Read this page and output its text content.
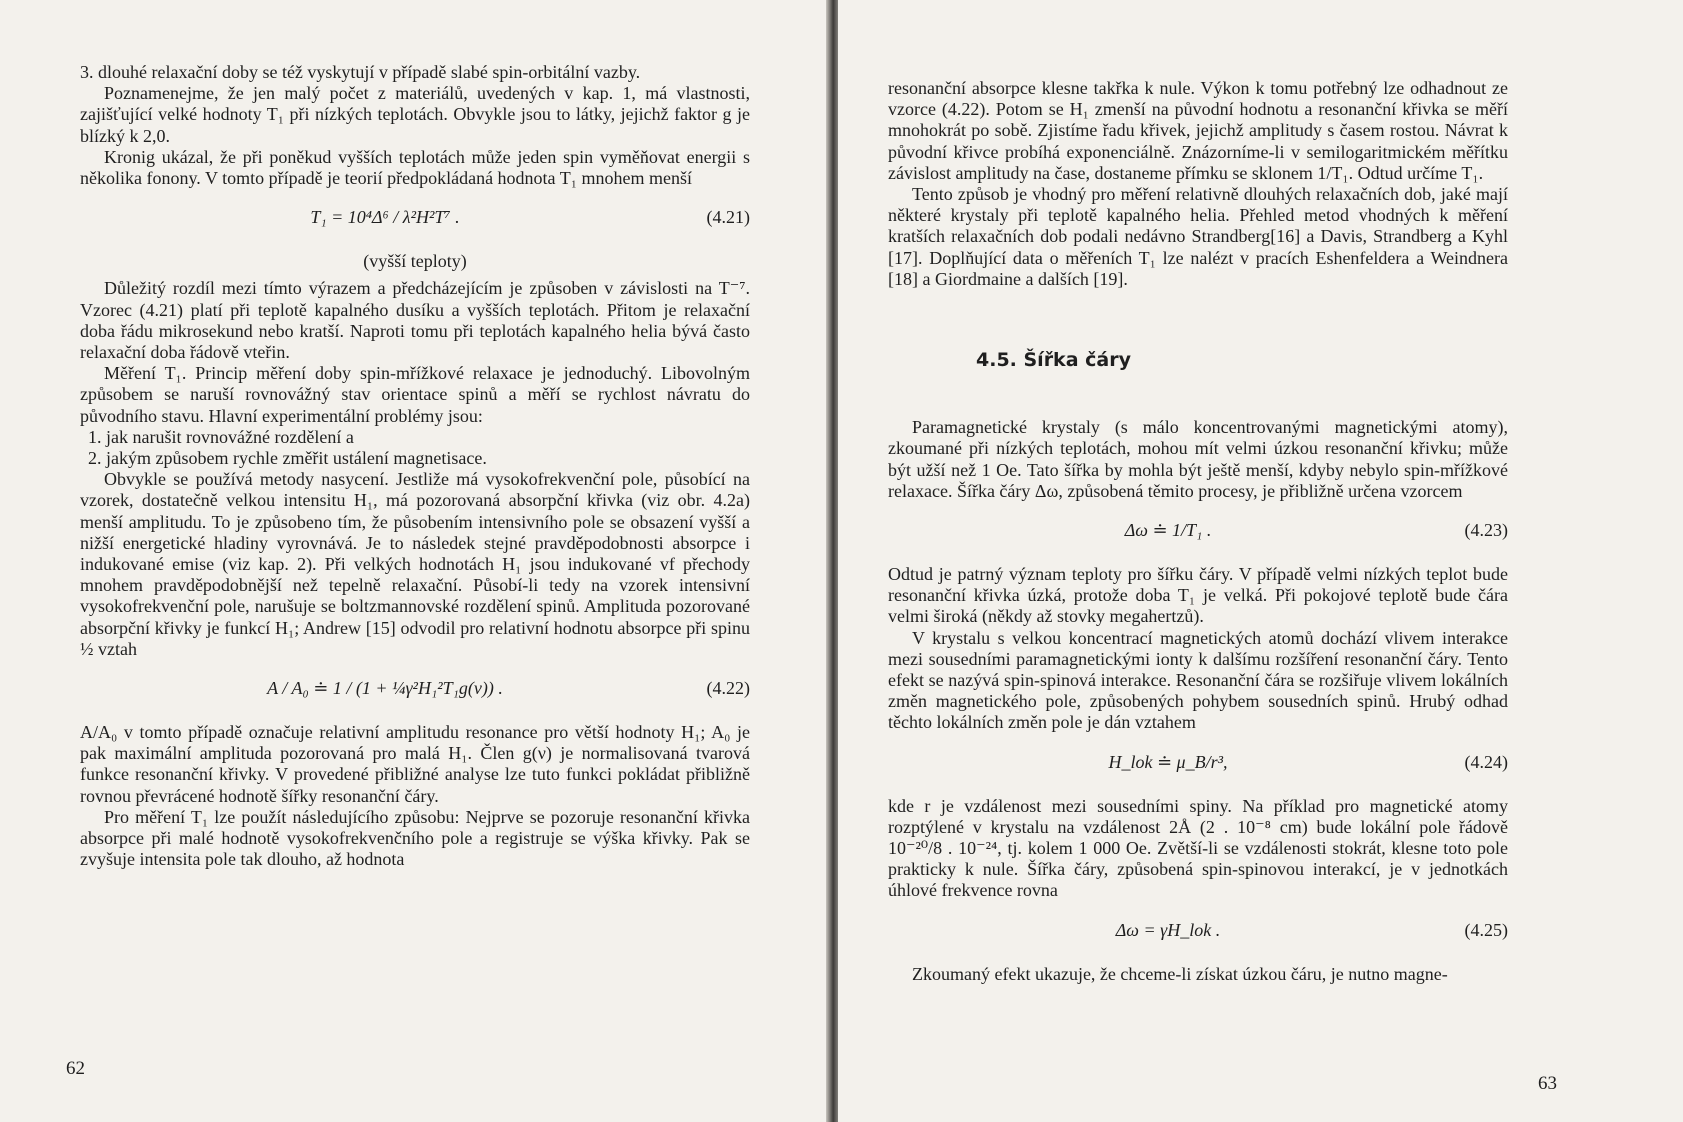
3. dlouhé relaxační doby se též vyskytují v případě slabé spin-orbitální vazby.

Poznamenejme, že jen malý počet z materiálů, uvedených v kap. 1, má vlastnosti, zajišťující velké hodnoty T₁ při nízkých teplotách. Obvykle jsou to látky, jejichž faktor g je blízký k 2,0.

Kronig ukázal, že při poněkud vyšších teplotách může jeden spin vyměňovat energii s několika fonony. V tomto případě je teorií předpokládaná hodnota T₁ mnohem menší

T₁ = 10⁴Δ⁶ / λ²H²T⁷ .	(4.21)

(vyšší teploty)

Důležitý rozdíl mezi tímto výrazem a předcházejícím je způsoben v závislosti na T⁻⁷. Vzorec (4.21) platí při teplotě kapalného dusíku a vyšších teplotách. Přitom je relaxační doba řádu mikrosekund nebo kratší. Naproti tomu při teplotách kapalného helia bývá často relaxační doba řádově vteřin.

Měření T₁. Princip měření doby spin-mřížkové relaxace je jednoduchý. Libovolným způsobem se naruší rovnovážný stav orientace spinů a měří se rychlost návratu do původního stavu. Hlavní experimentální problémy jsou:

1. jak narušit rovnovážné rozdělení a

2. jakým způsobem rychle změřit ustálení magnetisace.

Obvykle se používá metody nasycení. Jestliže má vysokofrekvenční pole, působící na vzorek, dostatečně velkou intensitu H₁, má pozorovaná absorpční křivka (viz obr. 4.2a) menší amplitudu. To je způsobeno tím, že působením intensivního pole se obsazení vyšší a nižší energetické hladiny vyrovnává. Je to následek stejné pravděpodobnosti absorpce i indukované emise (viz kap. 2). Při velkých hodnotách H₁ jsou indukované vf přechody mnohem pravděpodobnější než tepelně relaxační. Působí-li tedy na vzorek intensivní vysokofrekvenční pole, narušuje se boltzmannovské rozdělení spinů. Amplituda pozorované absorpční křivky je funkcí H₁; Andrew [15] odvodil pro relativní hodnotu absorpce při spinu ½ vztah

A / A₀ ≐ 1 / (1 + ¼γ²H₁²T₁g(ν)) .	(4.22)

A/A₀ v tomto případě označuje relativní amplitudu resonance pro větší hodnoty H₁; A₀ je pak maximální amplituda pozorovaná pro malá H₁. Člen g(ν) je normalisovaná tvarová funkce resonanční křivky. V provedené přibližné analyse lze tuto funkci pokládat přibližně rovnou převrácené hodnotě šířky resonanční čáry.

Pro měření T₁ lze použít následujícího způsobu: Nejprve se pozoruje resonanční křivka absorpce při malé hodnotě vysokofrekvenčního pole a registruje se výška křivky. Pak se zvyšuje intensita pole tak dlouho, až hodnota

62

resonanční absorpce klesne takřka k nule. Výkon k tomu potřebný lze odhadnout ze vzorce (4.22). Potom se H₁ zmenší na původní hodnotu a resonanční křivka se měří mnohokrát po sobě. Zjistíme řadu křivek, jejichž amplitudy s časem rostou. Návrat k původní křivce probíhá exponenciálně. Znázorníme-li v semilogaritmickém měřítku závislost amplitudy na čase, dostaneme přímku se sklonem 1/T₁. Odtud určíme T₁.

Tento způsob je vhodný pro měření relativně dlouhých relaxačních dob, jaké mají některé krystaly při teplotě kapalného helia. Přehled metod vhodných k měření kratších relaxačních dob podali nedávno Strandberg[16] a Davis, Strandberg a Kyhl [17]. Doplňující data o měřeních T₁ lze nalézt v pracích Eshenfeldera a Weindnera [18] a Giordmaine a dalších [19].

4.5. Šířka čáry

Paramagnetické krystaly (s málo koncentrovanými magnetickými atomy), zkoumané při nízkých teplotách, mohou mít velmi úzkou resonanční křivku; může být užší než 1 Oe. Tato šířka by mohla být ještě menší, kdyby nebylo spin-mřížkové relaxace. Šířka čáry Δω, způsobená těmito procesy, je přibližně určena vzorcem

Δω ≐ 1/T₁ .	(4.23)

Odtud je patrný význam teploty pro šířku čáry. V případě velmi nízkých teplot bude resonanční křivka úzká, protože doba T₁ je velká. Při pokojové teplotě bude čára velmi široká (někdy až stovky megahertzů).

V krystalu s velkou koncentrací magnetických atomů dochází vlivem interakce mezi sousedními paramagnetickými ionty k dalšímu rozšíření resonanční čáry. Tento efekt se nazývá spin-spinová interakce. Resonanční čára se rozšiřuje vlivem lokálních změn magnetického pole, způsobených pohybem sousedních spinů. Hrubý odhad těchto lokálních změn pole je dán vztahem

H_lok ≐ μ_B/r³,	(4.24)

kde r je vzdálenost mezi sousedními spiny. Na příklad pro magnetické atomy rozptýlené v krystalu na vzdálenost 2Å (2 . 10⁻⁸ cm) bude lokální pole řádově 10⁻²⁰/8 . 10⁻²⁴, tj. kolem 1 000 Oe. Zvětší-li se vzdálenosti stokrát, klesne toto pole prakticky k nule. Šířka čáry, způsobená spin-spinovou interakcí, je v jednotkách úhlové frekvence rovna

Δω = γH_lok .	(4.25)

Zkoumaný efekt ukazuje, že chceme-li získat úzkou čáru, je nutno magne-

63
